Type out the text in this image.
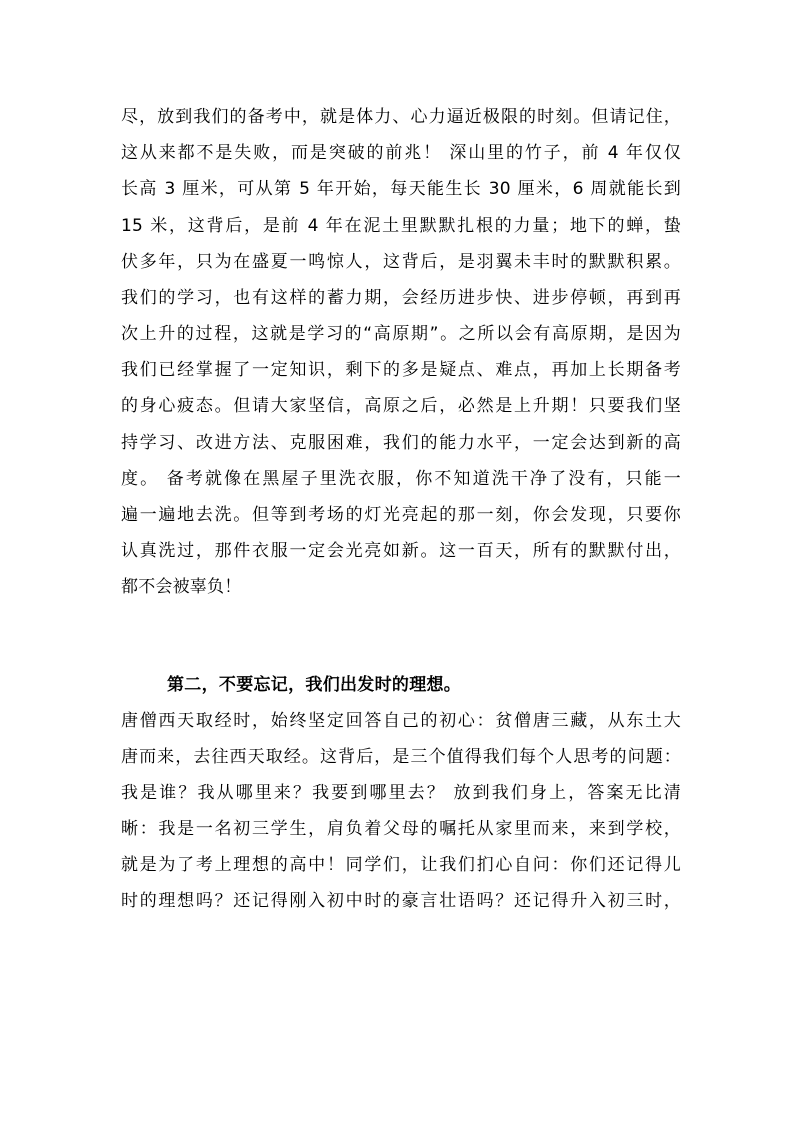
尽，放到我们的备考中，就是体力、心力逼近极限的时刻。但请记住，
这从来都不是失败，而是突破的前兆！ 深山里的竹子，前 4 年仅仅
长高 3 厘米，可从第 5 年开始，每天能生长 30 厘米，6 周就能长到
15 米，这背后，是前 4 年在泥土里默默扎根的力量；地下的蝉，蛰
伏多年，只为在盛夏一鸣惊人，这背后，是羽翼未丰时的默默积累。
我们的学习，也有这样的蓄力期，会经历进步快、进步停顿，再到再
次上升的过程，这就是学习的“高原期”。之所以会有高原期，是因为
我们已经掌握了一定知识，剩下的多是疑点、难点，再加上长期备考
的身心疲态。但请大家坚信，高原之后，必然是上升期！只要我们坚
持学习、改进方法、克服困难，我们的能力水平，一定会达到新的高
度。 备考就像在黑屋子里洗衣服，你不知道洗干净了没有，只能一
遍一遍地去洗。但等到考场的灯光亮起的那一刻，你会发现，只要你
认真洗过，那件衣服一定会光亮如新。这一百天，所有的默默付出，
都不会被辜负！
第二，不要忘记，我们出发时的理想。
唐僧西天取经时，始终坚定回答自己的初心：贫僧唐三藏，从东土大
唐而来，去往西天取经。这背后，是三个值得我们每个人思考的问题：
我是谁？我从哪里来？我要到哪里去？ 放到我们身上，答案无比清
晰：我是一名初三学生，肩负着父母的嘱托从家里而来，来到学校，
就是为了考上理想的高中！同学们，让我们扪心自问：你们还记得儿
时的理想吗？还记得刚入初中时的豪言壮语吗？还记得升入初三时，
